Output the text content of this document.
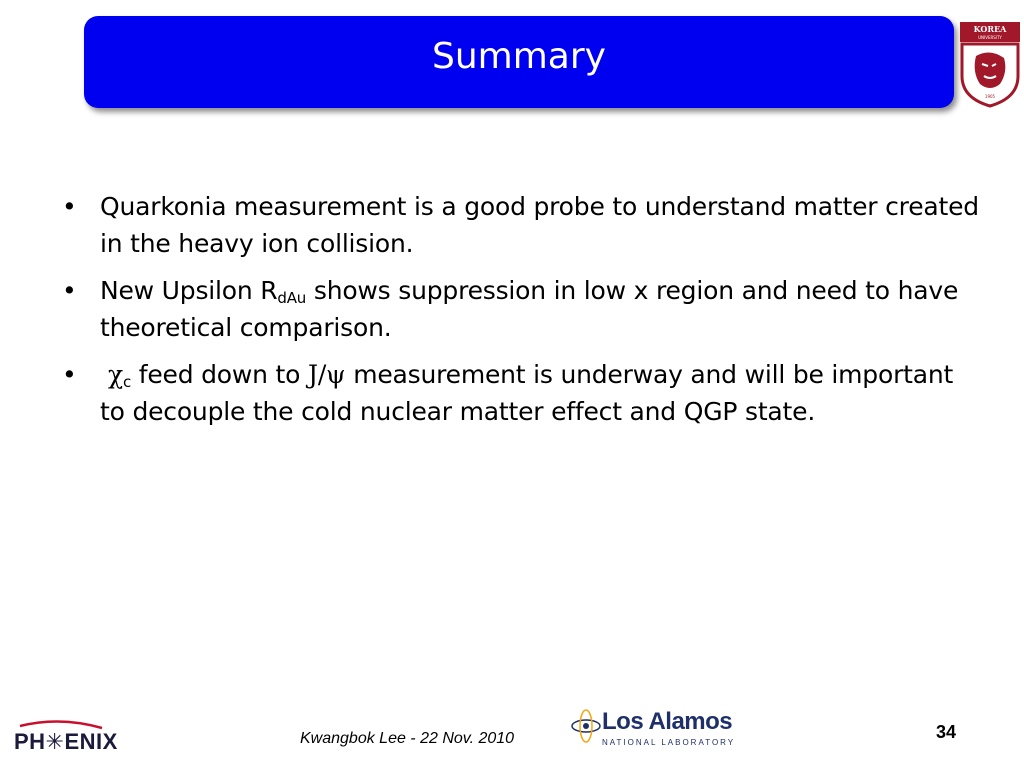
Summary
KOREA
UNIVERSITY
1905
• Quarkonia measurement is a good probe to understand matter created in the heavy ion collision.
• New Upsilon $R_{dAu}$ shows suppression in low x region and need to have theoretical comparison.
• $\chi_c$ feed down to J/ψ measurement is underway and will be important to decouple the cold nuclear matter effect and QGP state.
PH✳ENIX	Kwangbok Lee - 22 Nov. 2010
Los Alamos
NATIONAL LABORATORY
34
